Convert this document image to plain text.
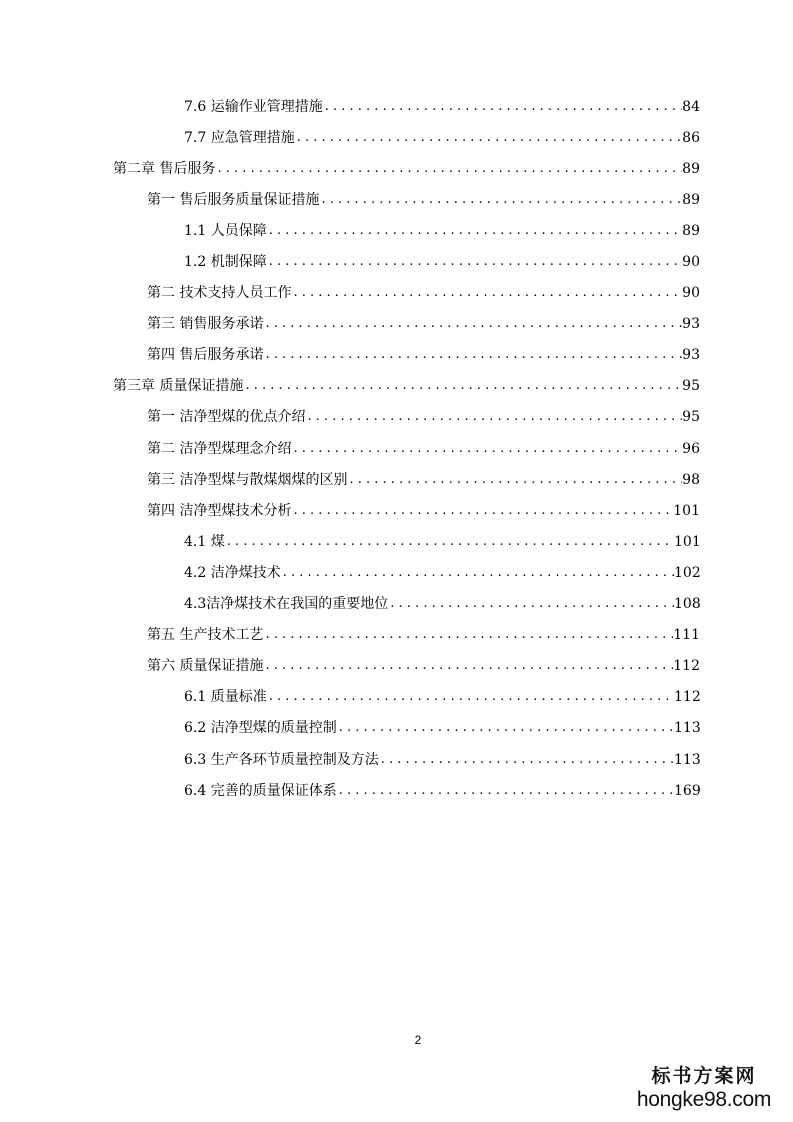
7.6 运输作业管理措施 . . .	84
7.7 应急管理措施 . . .	86
第二章 售后服务 . . .	89
第一 售后服务质量保证措施 . . .	89
1.1 人员保障 . . .	89
1.2 机制保障 . . .	90
第二 技术支持人员工作 . . .	90
第三 销售服务承诺 . . .	93
第四 售后服务承诺 . . .	93
第三章 质量保证措施 . . .	95
第一 洁净型煤的优点介绍 . . .	95
第二 洁净型煤理念介绍 . . .	96
第三 洁净型煤与散煤烟煤的区别 . . .	98
第四 洁净型煤技术分析 . . .	101
4.1 煤 . . .	101
4.2 洁净煤技术 . . .	102
4.3洁净煤技术在我国的重要地位 . . .	108
第五 生产技术工艺 . . .	111
第六 质量保证措施 . . .	112
6.1 质量标准 . . .	112
6.2 洁净型煤的质量控制 . . .	113
6.3 生产各环节质量控制及方法 . . .	113
6.4 完善的质量保证体系 . . .	169
2
标书方案网
hongke98.com
